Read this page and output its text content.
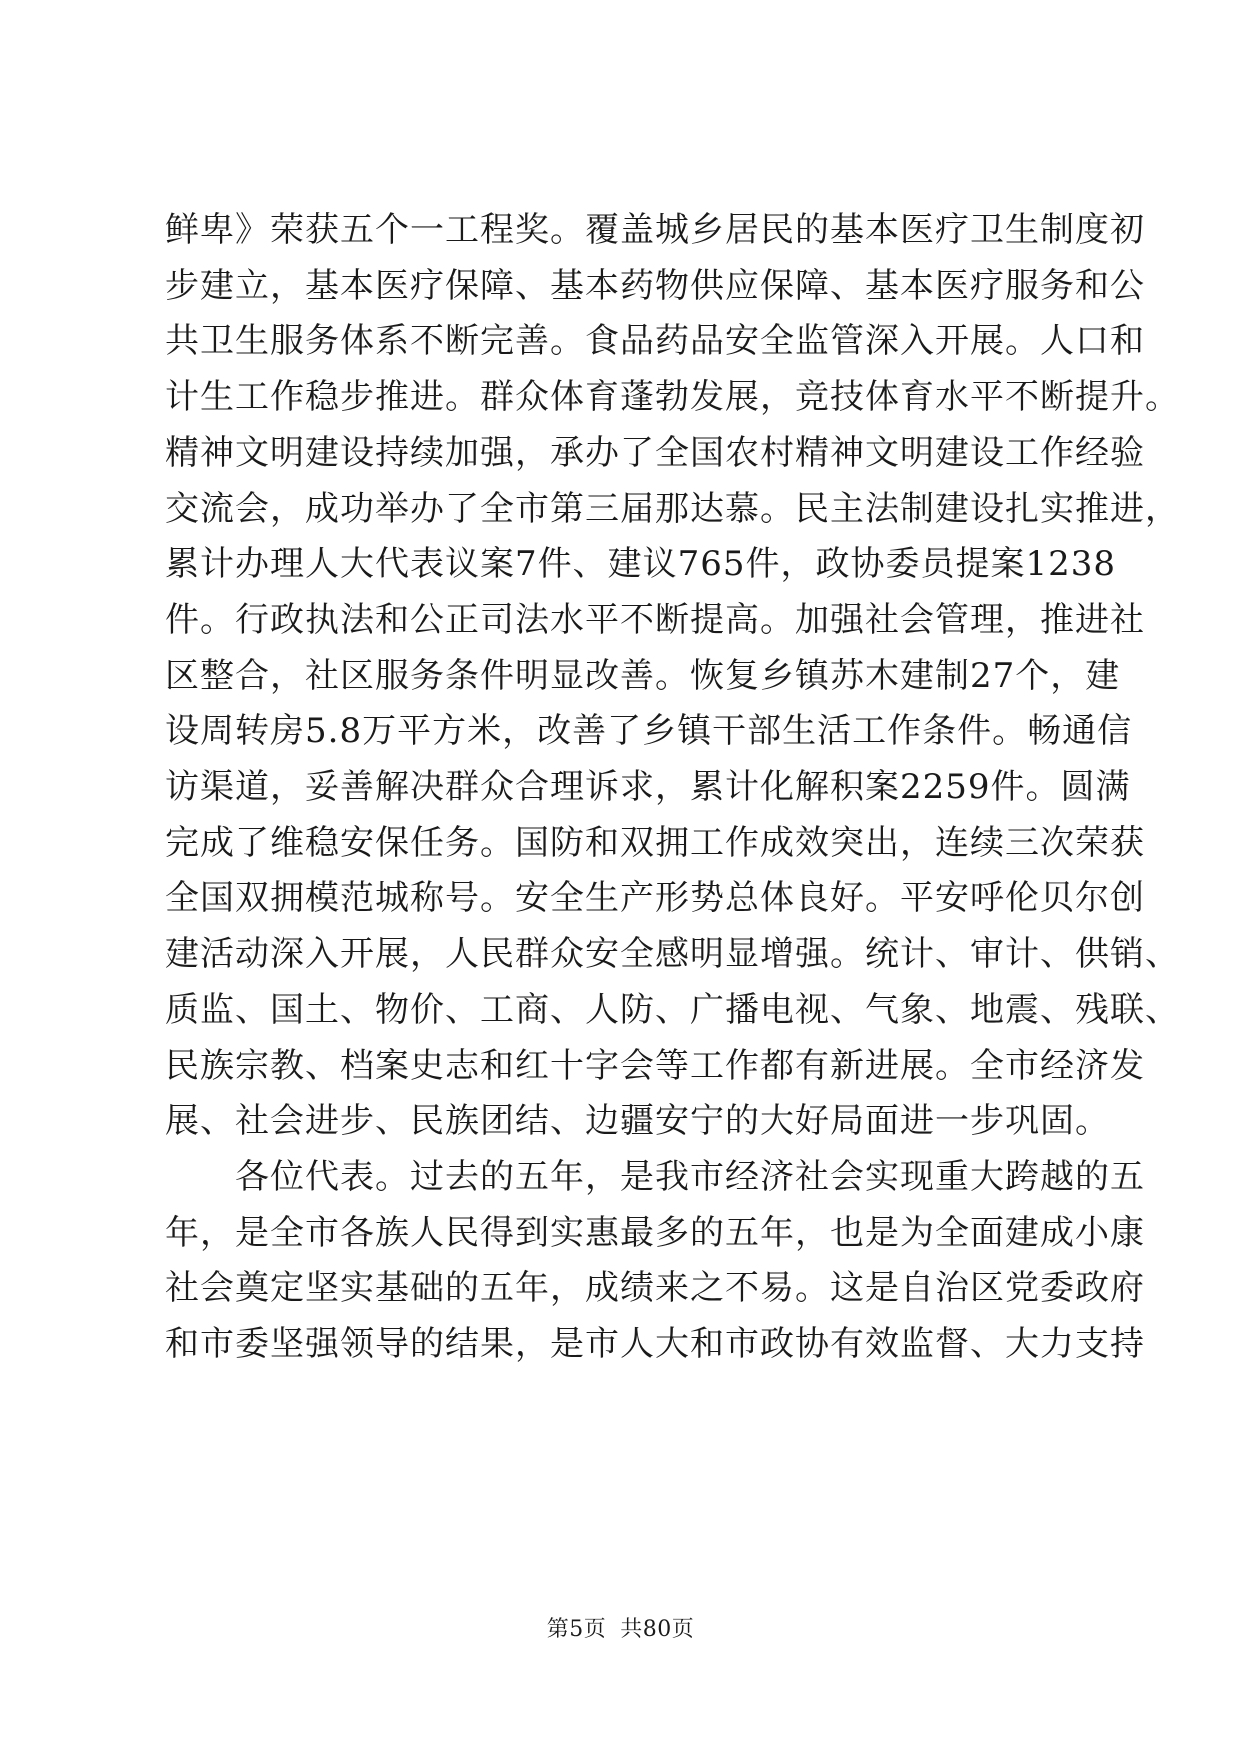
鲜卑》荣获五个一工程奖。覆盖城乡居民的基本医疗卫生制度初
步建立，基本医疗保障、基本药物供应保障、基本医疗服务和公
共卫生服务体系不断完善。食品药品安全监管深入开展。人口和
计生工作稳步推进。群众体育蓬勃发展，竞技体育水平不断提升。
精神文明建设持续加强，承办了全国农村精神文明建设工作经验
交流会，成功举办了全市第三届那达慕。民主法制建设扎实推进，
累计办理人大代表议案7件、建议765件，政协委员提案1238
件。行政执法和公正司法水平不断提高。加强社会管理，推进社
区整合，社区服务条件明显改善。恢复乡镇苏木建制27个，建
设周转房5.8万平方米，改善了乡镇干部生活工作条件。畅通信
访渠道，妥善解决群众合理诉求，累计化解积案2259件。圆满
完成了维稳安保任务。国防和双拥工作成效突出，连续三次荣获
全国双拥模范城称号。安全生产形势总体良好。平安呼伦贝尔创
建活动深入开展，人民群众安全感明显增强。统计、审计、供销、
质监、国土、物价、工商、人防、广播电视、气象、地震、残联、
民族宗教、档案史志和红十字会等工作都有新进展。全市经济发
展、社会进步、民族团结、边疆安宁的大好局面进一步巩固。
各位代表。过去的五年，是我市经济社会实现重大跨越的五
年，是全市各族人民得到实惠最多的五年，也是为全面建成小康
社会奠定坚实基础的五年，成绩来之不易。这是自治区党委政府
和市委坚强领导的结果，是市人大和市政协有效监督、大力支持
第5页 共80页
